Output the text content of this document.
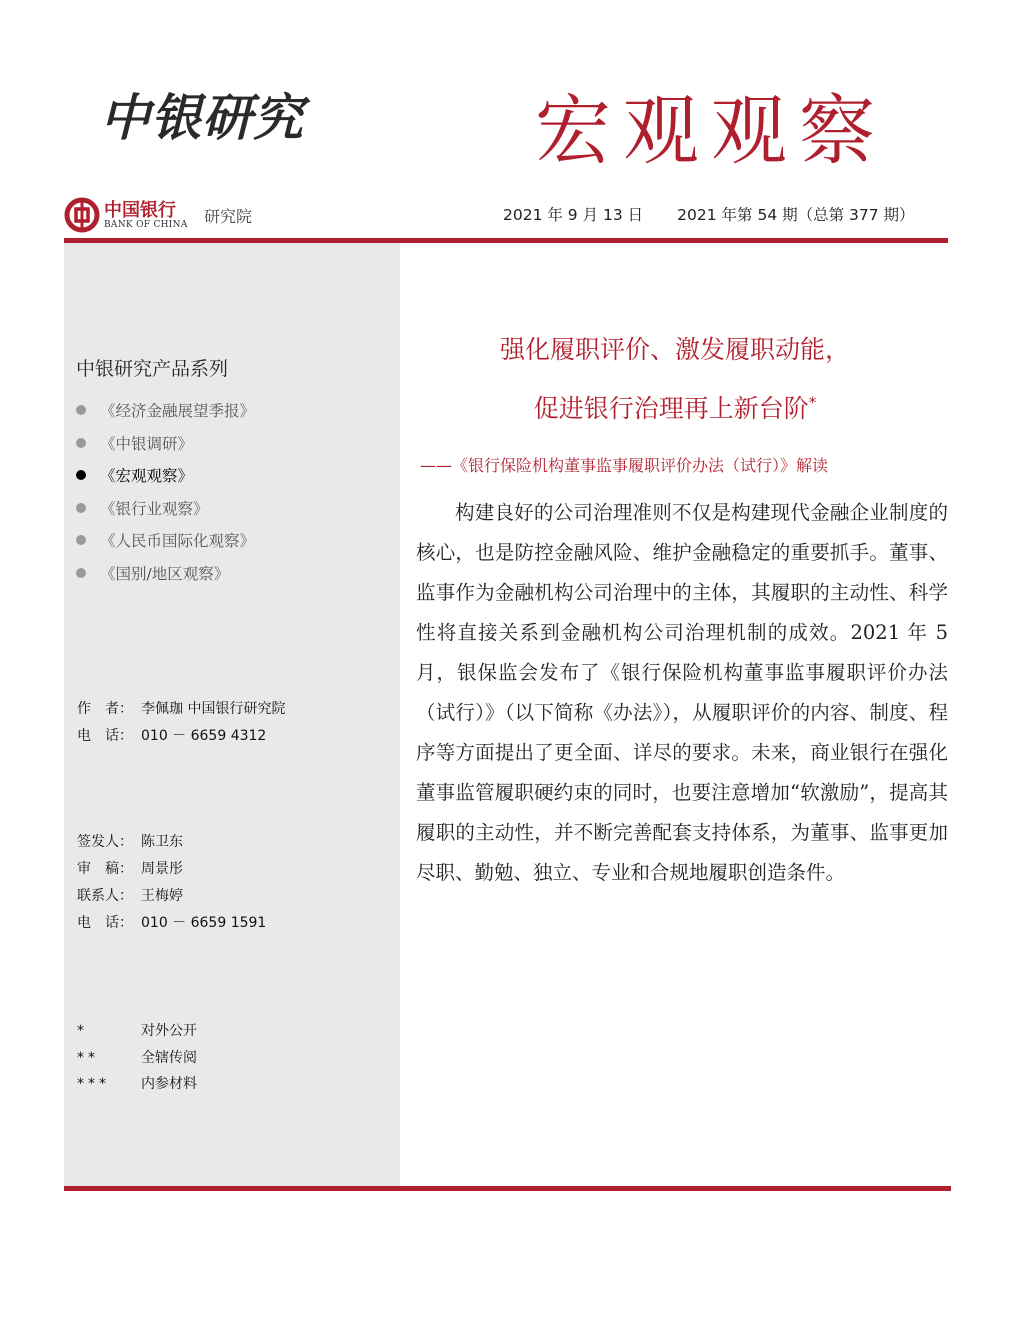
中银研究	宏观观察
中国银行
BANK OF CHINA 研究院	2021 年 9 月 13 日 2021 年第 54 期（总第 377 期）
中银研究产品系列
《经济金融展望季报》
《中银调研》
《宏观观察》
《银行业观察》
《人民币国际化观察》
《国别/地区观察》
作　者： 李佩珈 中国银行研究院
电　话： 010 － 6659 4312
签发人： 陈卫东
审　稿： 周景彤
联系人： 王梅婷
电　话： 010 － 6659 1591
*	对外公开
**	全辖传阅
*** 内参材料
强化履职评价、激发履职动能，
促进银行治理再上新台阶*
——《银行保险机构董事监事履职评价办法（试行）》解读

构建良好的公司治理准则不仅是构建现代金融企业制度的核心，也是防控金融风险、维护金融稳定的重要抓手。董事、监事作为金融机构公司治理中的主体，其履职的主动性、科学性将直接关系到金融机构公司治理机制的成效。2021 年 5 月，银保监会发布了《银行保险机构董事监事履职评价办法（试行）》（以下简称《办法》），从履职评价的内容、制度、程序等方面提出了更全面、详尽的要求。未来，商业银行在强化董事监管履职硬约束的同时，也要注意增加“软激励”，提高其履职的主动性，并不断完善配套支持体系，为董事、监事更加尽职、勤勉、独立、专业和合规地履职创造条件。
